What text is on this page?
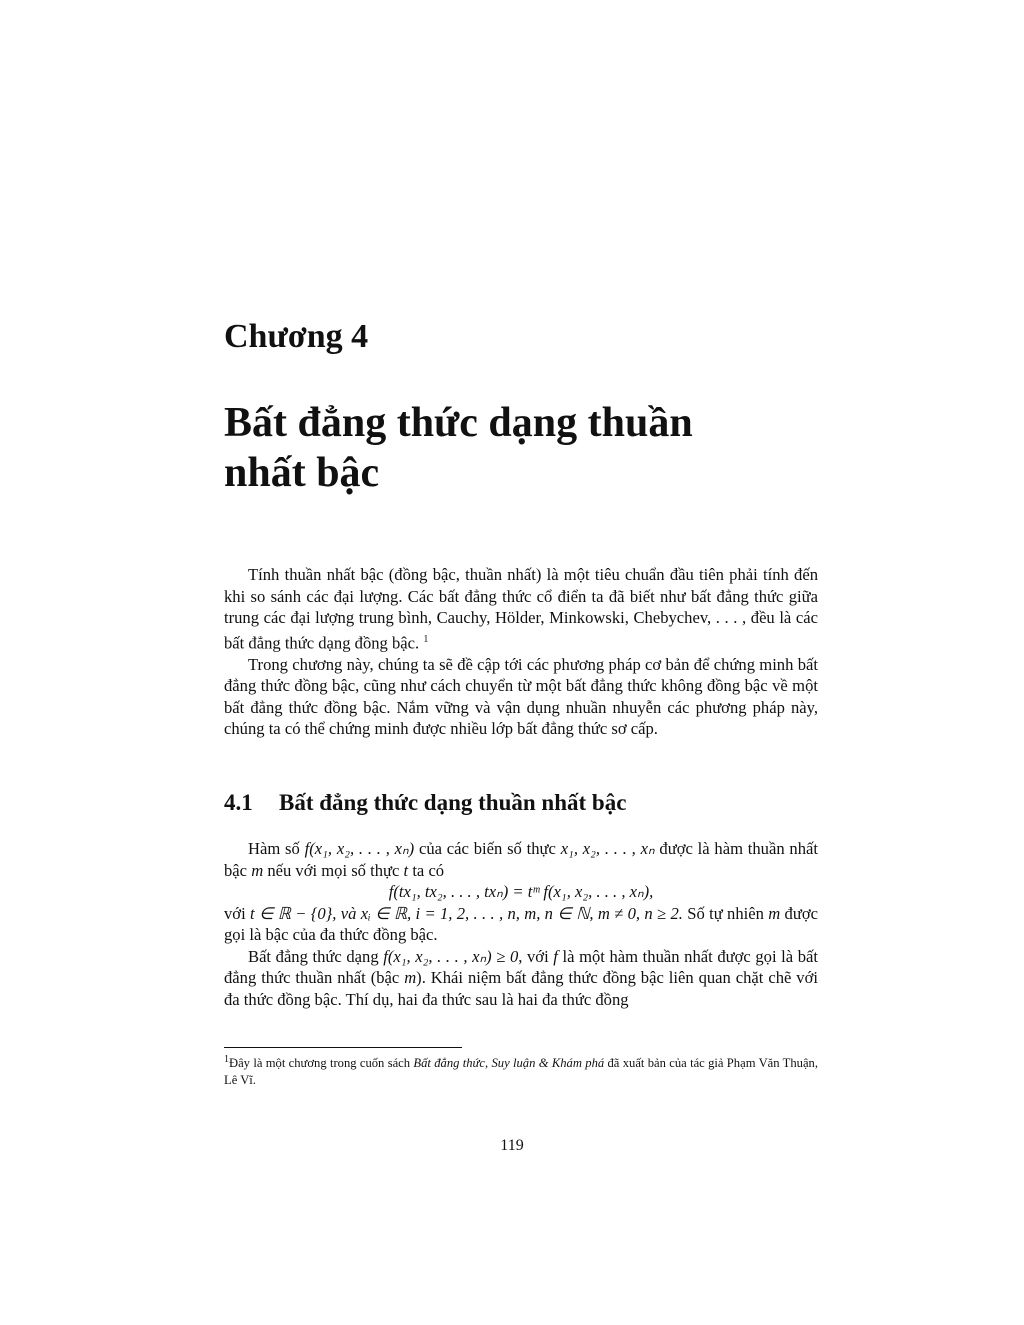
Chương 4
Bất đẳng thức dạng thuần
nhất bậc

Tính thuần nhất bậc (đồng bậc, thuần nhất) là một tiêu chuẩn đầu tiên phải tính đến khi so sánh các đại lượng. Các bất đẳng thức cổ điển ta đã biết như bất đẳng thức giữa trung các đại lượng trung bình, Cauchy, Hölder, Minkowski, Chebychev, . . . , đều là các bất đẳng thức dạng đồng bậc. $^1$

Trong chương này, chúng ta sẽ đề cập tới các phương pháp cơ bản để chứng minh bất đẳng thức đồng bậc, cũng như cách chuyển từ một bất đẳng thức không đồng bậc về một bất đẳng thức đồng bậc. Nắm vững và vận dụng nhuần nhuyễn các phương pháp này, chúng ta có thể chứng minh được nhiều lớp bất đẳng thức sơ cấp.

4.1 Bất đẳng thức dạng thuần nhất bậc

Hàm số f(x₁, x₂, . . . , xₙ) của các biến số thực x₁, x₂, . . . , xₙ được là hàm thuần nhất bậc m nếu với mọi số thực t ta có

f(tx₁, tx₂, . . . , txₙ) = tᵐ f(x₁, x₂, . . . , xₙ),

với t ∈ ℝ − {0}, và xᵢ ∈ ℝ, i = 1, 2, . . . , n, m, n ∈ ℕ, m ≠ 0, n ≥ 2. Số tự nhiên m được gọi là bậc của đa thức đồng bậc.

Bất đẳng thức dạng f(x₁, x₂, . . . , xₙ) ≥ 0, với f là một hàm thuần nhất được gọi là bất đẳng thức thuần nhất (bậc m). Khái niệm bất đẳng thức đồng bậc liên quan chặt chẽ với đa thức đồng bậc. Thí dụ, hai đa thức sau là hai đa thức đồng

$^1$Đây là một chương trong cuốn sách Bất đẳng thức, Suy luận & Khám phá đã xuất bản của tác giả Phạm Văn Thuận, Lê Vĩ.
119
